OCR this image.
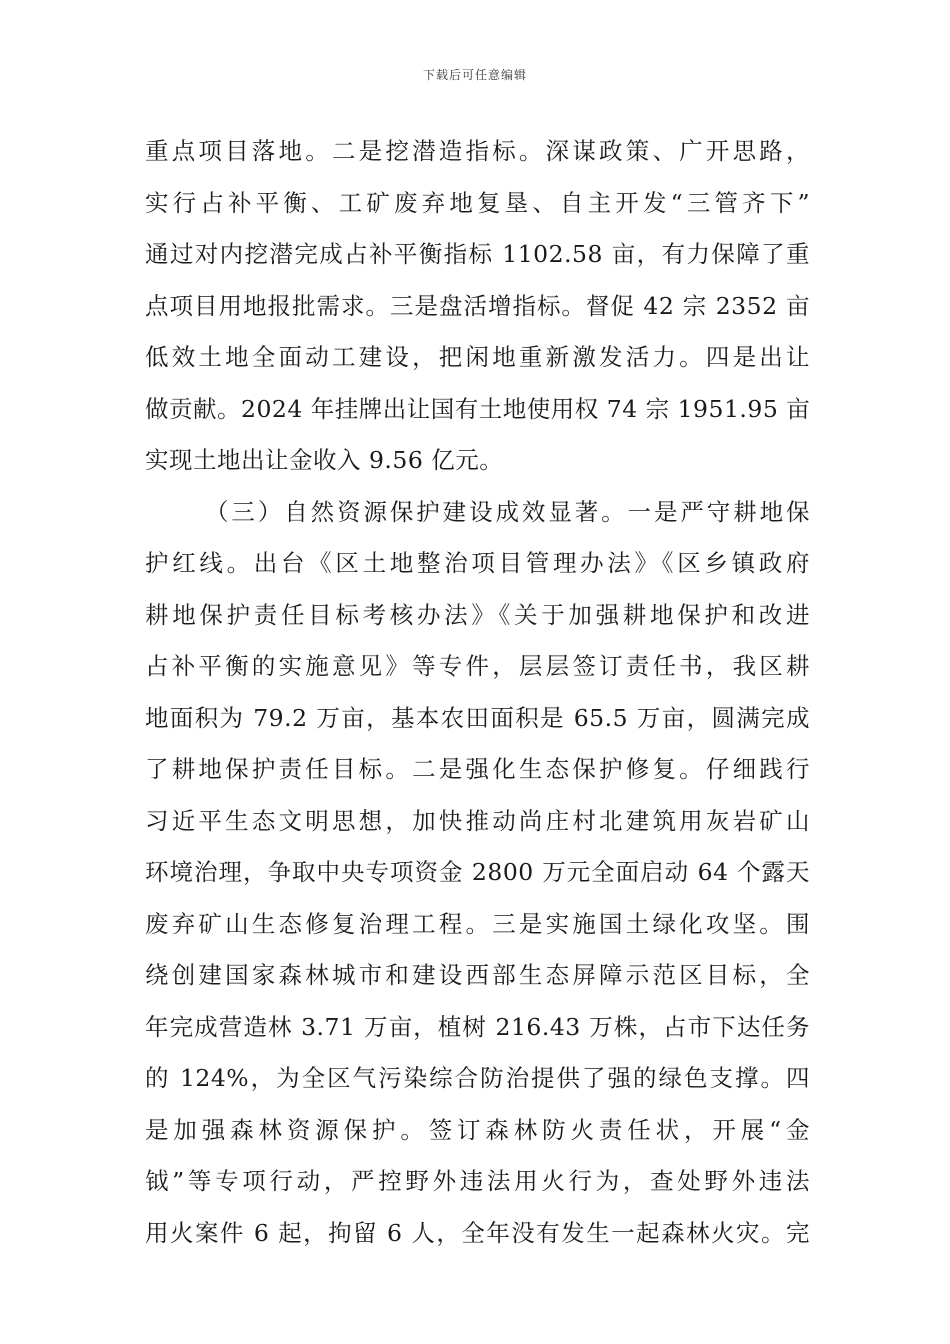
下载后可任意编辑
重点项目落地。二是挖潜造指标。深谋政策、广开思路，
实行占补平衡、工矿废弃地复垦、自主开发“三管齐下”
通过对内挖潜完成占补平衡指标 1102.58 亩，有力保障了重
点项目用地报批需求。三是盘活增指标。督促 42 宗 2352 亩
低效土地全面动工建设，把闲地重新激发活力。四是出让
做贡献。2024 年挂牌出让国有土地使用权 74 宗 1951.95 亩
实现土地出让金收入 9.56 亿元。
（三）自然资源保护建设成效显著。一是严守耕地保
护红线。出台《区土地整治项目管理办法》《区乡镇政府
耕地保护责任目标考核办法》《关于加强耕地保护和改进
占补平衡的实施意见》等专件，层层签订责任书，我区耕
地面积为 79.2 万亩，基本农田面积是 65.5 万亩，圆满完成
了耕地保护责任目标。二是强化生态保护修复。仔细践行
习近平生态文明思想，加快推动尚庄村北建筑用灰岩矿山
环境治理，争取中央专项资金 2800 万元全面启动 64 个露天
废弃矿山生态修复治理工程。三是实施国土绿化攻坚。围
绕创建国家森林城市和建设西部生态屏障示范区目标，全
年完成营造林 3.71 万亩，植树 216.43 万株，占市下达任务
的 124%，为全区气污染综合防治提供了强的绿色支撑。四
是加强森林资源保护。签订森林防火责任状，开展“金
钺”等专项行动，严控野外违法用火行为，查处野外违法
用火案件 6 起，拘留 6 人，全年没有发生一起森林火灾。完
